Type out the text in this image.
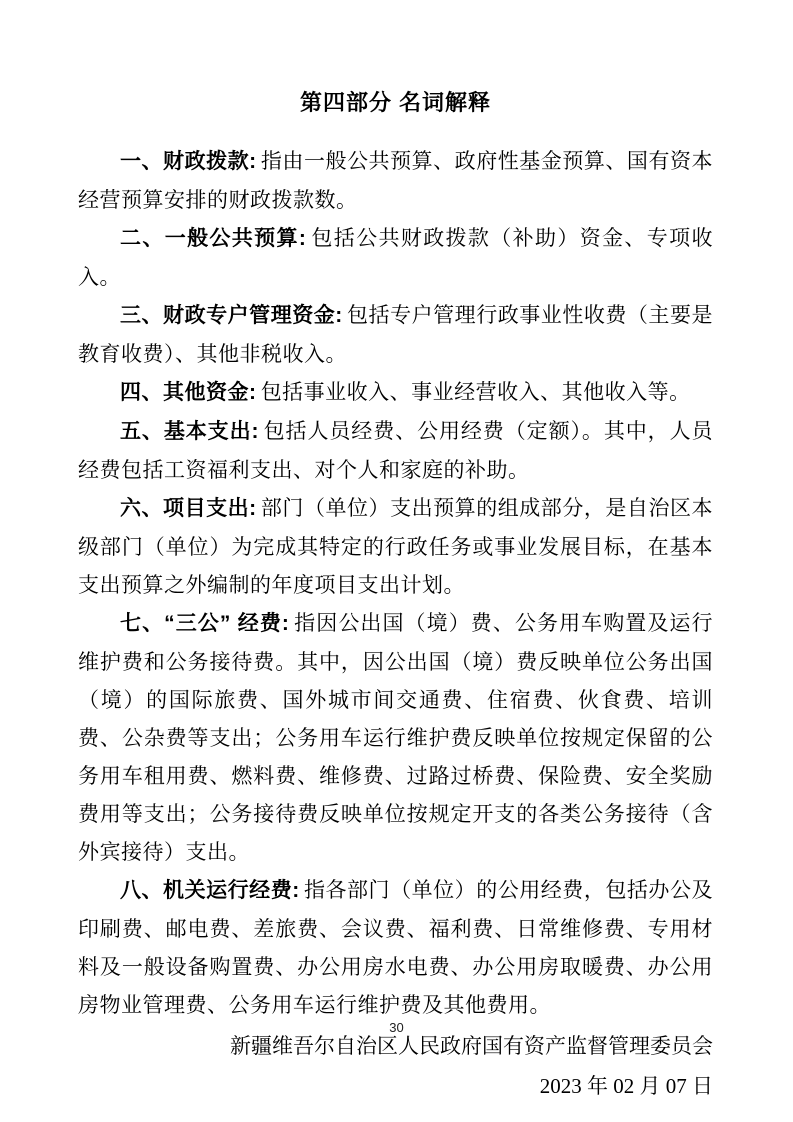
第四部分 名词解释

一、财政拨款: 指由一般公共预算、政府性基金预算、国有资本经营预算安排的财政拨款数。

二、一般公共预算: 包括公共财政拨款（补助）资金、专项收入。

三、财政专户管理资金: 包括专户管理行政事业性收费（主要是教育收费）、其他非税收入。

四、其他资金: 包括事业收入、事业经营收入、其他收入等。

五、基本支出: 包括人员经费、公用经费（定额）。其中，人员经费包括工资福利支出、对个人和家庭的补助。

六、项目支出: 部门（单位）支出预算的组成部分，是自治区本级部门（单位）为完成其特定的行政任务或事业发展目标，在基本支出预算之外编制的年度项目支出计划。

七、“三公” 经费: 指因公出国（境）费、公务用车购置及运行维护费和公务接待费。其中，因公出国（境）费反映单位公务出国（境）的国际旅费、国外城市间交通费、住宿费、伙食费、培训费、公杂费等支出；公务用车运行维护费反映单位按规定保留的公务用车租用费、燃料费、维修费、过路过桥费、保险费、安全奖励费用等支出；公务接待费反映单位按规定开支的各类公务接待（含外宾接待）支出。

八、机关运行经费: 指各部门（单位）的公用经费，包括办公及印刷费、邮电费、差旅费、会议费、福利费、日常维修费、专用材料及一般设备购置费、办公用房水电费、办公用房取暖费、办公用房物业管理费、公务用车运行维护费及其他费用。

新疆维吾尔自治区人民政府国有资产监督管理委员会

2023 年 02 月 07 日

30
